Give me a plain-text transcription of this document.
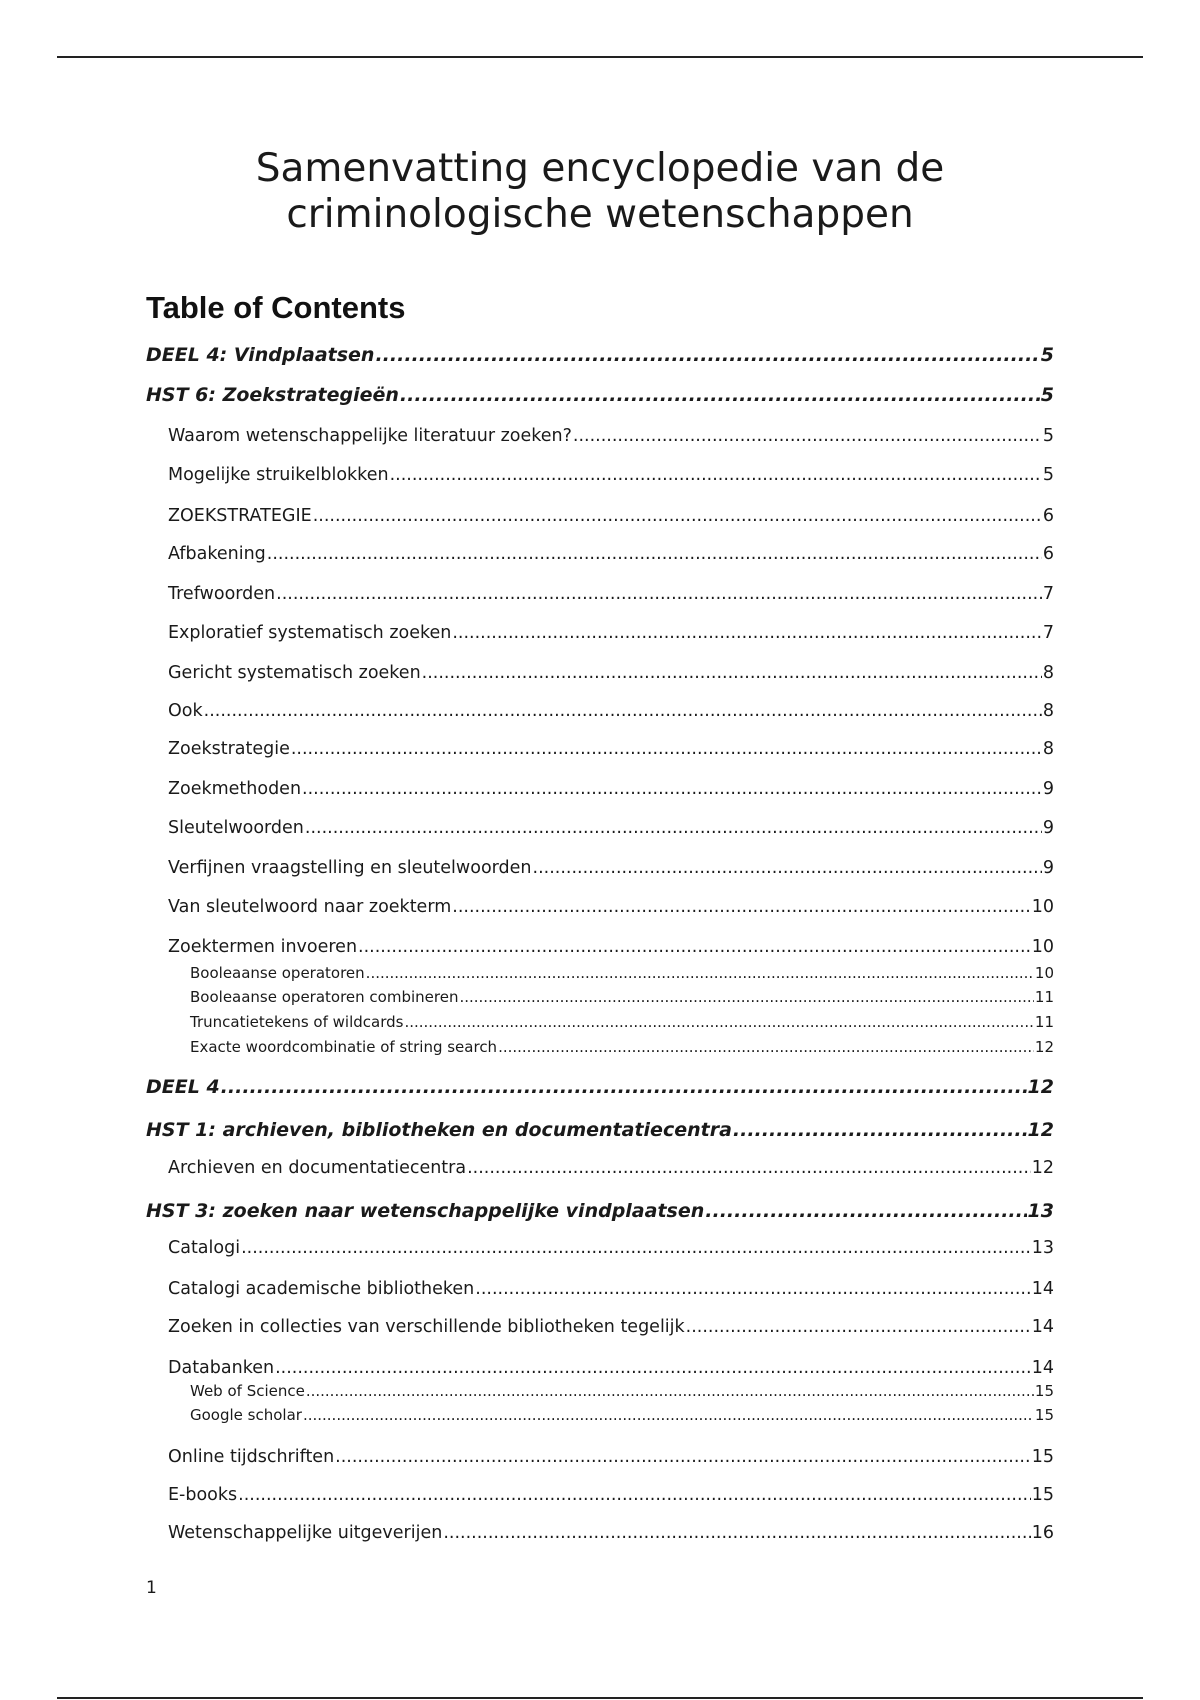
Samenvatting encyclopedie van de criminologische wetenschappen
Table of Contents
DEEL 4: Vindplaatsen .....	5
HST 6: Zoekstrategieën .....	5
Waarom wetenschappelijke literatuur zoeken? .....	5
Mogelijke struikelblokken .....	5
ZOEKSTRATEGIE .....	6
Afbakening .....	6
Trefwoorden .....	7
Exploratief systematisch zoeken .....	7
Gericht systematisch zoeken .....	8
Ook .....	8
Zoekstrategie .....	8
Zoekmethoden .....	9
Sleutelwoorden .....	9
Verfijnen vraagstelling en sleutelwoorden .....	9
Van sleutelwoord naar zoekterm .....	10
Zoektermen invoeren .....	10
Booleaanse operatoren .....	10
Booleaanse operatoren combineren .....	11
Truncatietekens of wildcards .....	11
Exacte woordcombinatie of string search .....	12
DEEL 4 .....	12
HST 1: archieven, bibliotheken en documentatiecentra .....	12
Archieven en documentatiecentra .....	12
HST 3: zoeken naar wetenschappelijke vindplaatsen .....	13
Catalogi .....	13
Catalogi academische bibliotheken .....	14
Zoeken in collecties van verschillende bibliotheken tegelijk .....	14
Databanken .....	14
Web of Science .....	15
Google scholar .....	15
Online tijdschriften .....	15
E-books .....	15
Wetenschappelijke uitgeverijen .....	16
1
